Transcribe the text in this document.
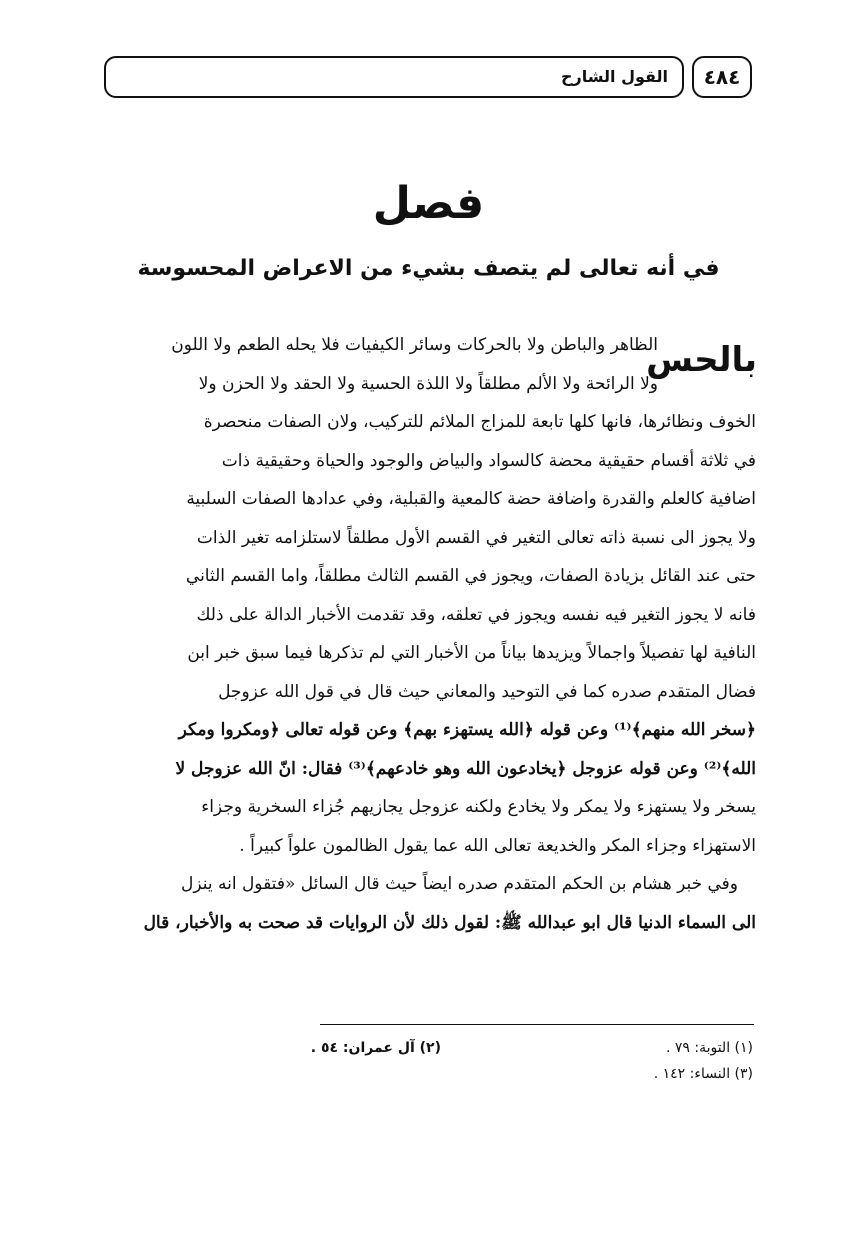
القول الشارح	٤٨٤
فصل
في أنه تعالى لم يتصف بشيء من الاعراض المحسوسة
بالحس
الظاهر والباطن ولا بالحركات وسائر الكيفيات فلا يحله الطعم ولا اللون
ولا الرائحة ولا الألم مطلقاً ولا اللذة الحسية ولا الحقد ولا الحزن ولا
الخوف ونظائرها، فانها كلها تابعة للمزاج الملائم للتركيب، ولان الصفات منحصرة
في ثلاثة أقسام حقيقية محضة كالسواد والبياض والوجود والحياة وحقيقية ذات
اضافية كالعلم والقدرة واضافة حضة كالمعية والقبلية، وفي عدادها الصفات السلبية
ولا يجوز الى نسبة ذاته تعالى التغير في القسم الأول مطلقاً لاستلزامه تغير الذات
حتى عند القائل بزيادة الصفات، ويجوز في القسم الثالث مطلقاً، واما القسم الثاني
فانه لا يجوز التغير فيه نفسه ويجوز في تعلقه، وقد تقدمت الأخبار الدالة على ذلك
النافية لها تفصيلاً واجمالاً ويزيدها بياناً من الأخبار التي لم تذكرها فيما سبق خبر ابن
فضال المتقدم صدره كما في التوحيد والمعاني حيث قال في قول الله عزوجل
﴿سخر الله منهم﴾⁽¹⁾ وعن قوله ﴿الله يستهزء بهم﴾ وعن قوله تعالى ﴿ومكروا ومكر
الله﴾⁽²⁾ وعن قوله عزوجل ﴿يخادعون الله وهو خادعهم﴾⁽³⁾ فقال: انّ الله عزوجل لا
يسخر ولا يستهزء ولا يمكر ولا يخادع ولكنه عزوجل يجازيهم جُزاء السخرية وجزاء
الاستهزاء وجزاء المكر والخديعة تعالى الله عما يقول الظالمون علواً كبيراً .
وفي خبر هشام بن الحكم المتقدم صدره ايضاً حيث قال السائل «فتقول انه ينزل
الى السماء الدنيا قال ابو عبدالله ﷺ: لقول ذلك لأن الروايات قد صحت به والأخبار، قال
(١) التوبة: ٧٩ .
(٢) آل عمران: ٥٤ .
(٣) النساء: ١٤٢ .
